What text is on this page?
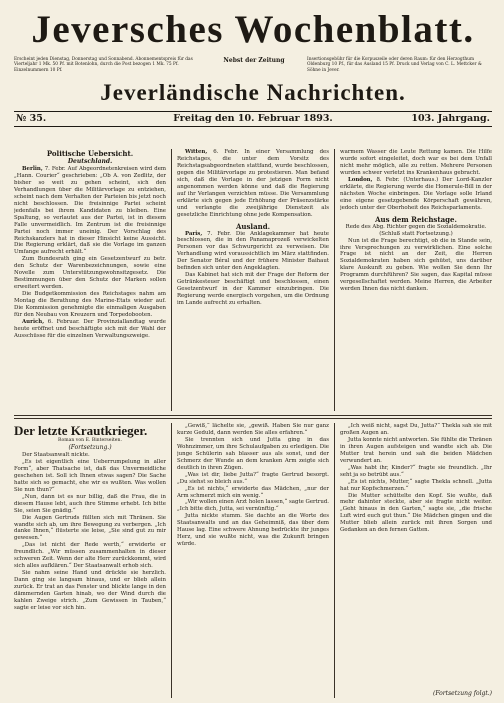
Jeversches Wochenblatt.
Erscheint jeden Dienstag, Donnerstag und Sonnabend. Abonnementspreis für das Vierteljahr 1 Mk. 50 Pf. mit Botenlohn, durch die Post bezogen 1 Mk. 75 Pf. Einzelnummern 10 Pf.
Nebst der Zeitung	Insertionsgebühr für die Korpuszeile oder deren Raum: für den Herzogthum Oldenburg 10 Pf., für das Ausland 15 Pf. Druck und Verlag von C. L. Mettcker & Söhne in Jever.
Jeverländische Nachrichten.
№ 35.	Freitag den 10. Februar 1893.	103. Jahrgang.
Politische Uebersicht.
Deutschland.

Berlin, 7. Febr. Auf Abgeordnetenkreisen wird dem „Hann. Courier“ geschrieben: „Ob A. von Zedlitz, der bisher so weit zu gehen scheint, sich den Verhandlungen über die Militärvorlage zu entziehen, scheint nach dem Verhalten der Parteien bis jetzt noch nicht beschlossen. Die freisinnige Partei scheint jedenfalls bei ihrem Kandidaten zu bleiben. Eine Spaltung, so verlautet aus der Partei, ist in diesem Falle unvermeidlich. Im Zentrum ist die freisinnige Partei noch immer uneinig. Der Vorschlag des Reichskanzlers hat in dieser Hinsicht keine Aussicht. Die Regierung erklärt, daß sie die Vorlage im ganzen Umfange aufrecht erhält.“

Zum Bundesrath ging ein Gesetzentwurf zu betr. den Schutz der Warenbezeichnungen, sowie eine Novelle zum Unterstützungswohnsitzgesetz. Die Bestimmungen über den Schutz der Marken sollen erweitert werden.

Die Budgetkommission des Reichstages nahm am Montag die Berathung des Marine-Etats wieder auf. Die Kommission genehmigte die einmaligen Ausgaben für den Neubau von Kreuzern und Torpedobooten.

Aurich, 6. Februar. Der Provinziallandtag wurde heute eröffnet und beschäftigte sich mit der Wahl der Ausschüsse für die einzelnen Verwaltungszweige.

Witten, 6. Febr. In einer Versammlung des Reichstages, die unter dem Vorsitz des Reichstagsabgeordneten stattfand, wurde beschlossen, gegen die Militärvorlage zu protestieren. Man befand sich, daß die Vorlage in der jetzigen Form nicht angenommen werden könne und daß die Regierung auf ihr Verlangen verzichten müsse. Die Versammlung erklärte sich gegen jede Erhöhung der Präsenzstärke und verlangte die zweijährige Dienstzeit als gesetzliche Einrichtung ohne jede Kompensation.

Ausland.

Paris, 7. Febr. Die Anklagekammer hat heute beschlossen, die in den Panamaprozeß verwickelten Personen vor das Schwurgericht zu verweisen. Die Verhandlung wird voraussichtlich im März stattfinden. Der Senator Béral und der frühere Minister Baihaut befinden sich unter den Angeklagten.

Das Kabinet hat sich mit der Frage der Reform der Getränkesteuer beschäftigt und beschlossen, einen Gesetzentwurf in der Kammer einzubringen. Die Regierung werde energisch vorgehen, um die Ordnung im Lande aufrecht zu erhalten.

warmem Wasser die Leute Rettung kamen. Die Hilfe wurde sofort eingeleitet, doch war es bei dem Unfall nicht mehr möglich, alle zu retten. Mehrere Personen wurden schwer verletzt ins Krankenhaus gebracht.

London, 8. Febr. (Unterhaus.) Der Lord-Kanzler erklärte, die Regierung werde die Homerule-Bill in der nächsten Woche einbringen. Die Vorlage solle Irland eine eigene gesetzgebende Körperschaft gewähren, jedoch unter der Oberhoheit des Reichsparlaments.

Aus dem Reichstage.
Rede des Abg. Richter gegen die Sozialdemokratie.
(Schluß statt Fortsetzung.)

Nun ist die Frage berechtigt, ob die in Stande sein, ihre Versprechungen zu verwirklichen. Eine solche Frage ist nicht an der Zeit, die Herren Sozialdemokraten haben sich gehütet, uns darüber klare Auskunft zu geben. Wie wollen Sie denn Ihr Programm durchführen? Sie sagen, das Kapital müsse vergesellschaftet werden. Meine Herren, die Arbeiter werden Ihnen das nicht danken.

Der letzte Krautkrieger.
Roman von E. Binterseiten.
(Fortsetzung.)

Der Staatsanwalt nickte.

„Es ist eigentlich eine Ueberrumpelung in aller Form“, aber Thatsache ist, daß das Unvermeidliche geschehen ist. Soll ich Ihnen etwas sagen? Die Sache hatte sich so gemacht, ehe wir es wußten. Was wollen Sie nun thun?“

„Nun, dann ist es nur billig, daß die Frau, die in diesem Hause lebt, auch ihre Stimme erhebt. Ich bitte Sie, seien Sie gnädig.“

Die Augen Gertruds füllten sich mit Thränen. Sie wandte sich ab, um ihre Bewegung zu verbergen. „Ich danke Ihnen,“ flüsterte sie leise, „Sie sind gut zu mir gewesen.“

„Das ist nicht der Rede werth,“ erwiderte er freundlich. „Wir müssen zusammenhalten in dieser schweren Zeit. Wenn der alte Herr zurückkommt, wird sich alles aufklären.“ Der Staatsanwalt erhob sich.

Sie nahm seine Hand und drückte sie herzlich. Dann ging sie langsam hinaus, und er blieb allein zurück. Er trat an das Fenster und blickte lange in den dämmernden Garten hinab, wo der Wind durch die kahlen Zweige strich. „Zum Gewissen in Tauben,“ sagte er leise vor sich hin.

„Gewiß,“ lächelte sie, „gewiß. Haben Sie nur ganz kurze Geduld, dann werden Sie alles erfahren.“

Sie trennten sich und Jutta ging in das Wohnzimmer, um ihre Schulaufgaben zu erledigen. Die junge Schülerin sah blasser aus als sonst, und der Schmerz der Wunde an dem kranken Arm zeigte sich deutlich in ihren Zügen.

„Was ist dir, liebe Jutta?“ fragte Gertrud besorgt. „Du siehst so bleich aus.“

„Es ist nichts,“ erwiderte das Mädchen, „nur der Arm schmerzt mich ein wenig.“

„Wir wollen einen Arzt holen lassen,“ sagte Gertrud. „Ich bitte dich, Jutta, sei vernünftig.“

Jutta nickte stumm. Sie dachte an die Worte des Staatsanwalts und an das Geheimniß, das über dem Hause lag. Eine schwere Ahnung bedrückte ihr junges Herz, und sie wußte nicht, was die Zukunft bringen würde.

„Ich weiß nicht, sagst Du, Jutta?“ Thekla sah sie mit großen Augen an.

Jutta konnte nicht antworten. Sie fühlte die Thränen in ihren Augen aufsteigen und wandte sich ab. Die Mutter trat herein und sah die beiden Mädchen verwundert an.

„Was habt ihr, Kinder?“ fragte sie freundlich. „Ihr seht ja so betrübt aus.“

„Es ist nichts, Mutter,“ sagte Thekla schnell. „Jutta hat nur Kopfschmerzen.“

Die Mutter schüttelte den Kopf. Sie wußte, daß mehr dahinter steckte, aber sie fragte nicht weiter. „Geht hinaus in den Garten,“ sagte sie, „die frische Luft wird euch gut thun.“ Die Mädchen gingen und die Mutter blieb allein zurück mit ihren Sorgen und Gedanken an den fernen Gatten.

(Fortsetzung folgt.)
